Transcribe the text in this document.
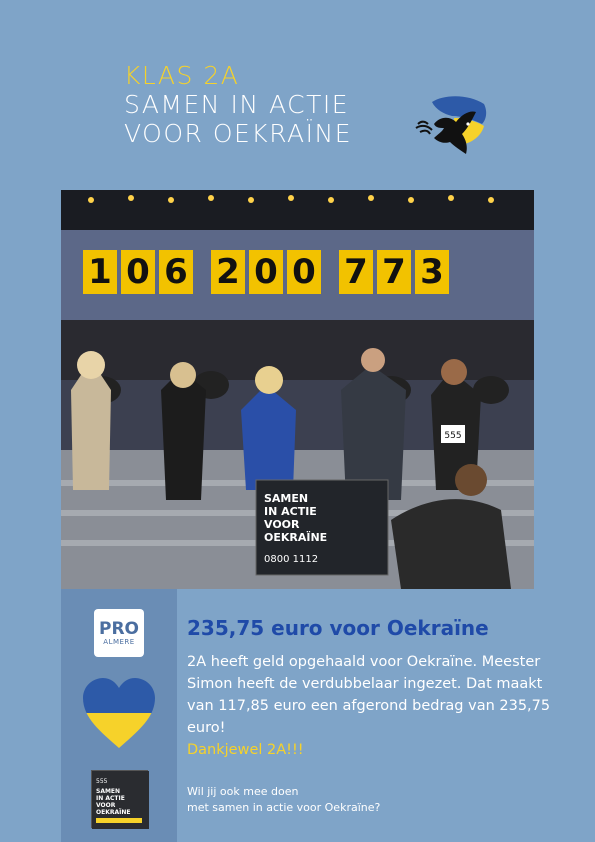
KLAS 2A
SAMEN IN ACTIE
VOOR OEKRAÏNE
555
SAMEN
IN ACTIE
VOOR
OEKRAÏNE
0800 1112
1 0 6 2 0 0 7 7 3
PRO
ALMERE
555
SAMEN
IN ACTIE
VOOR
OEKRAÏNE
235,75 euro voor Oekraïne
2A heeft geld opgehaald voor Oekraïne. Meester Simon heeft de verdubbelaar ingezet. Dat maakt van 117,85 euro een afgerond bedrag van 235,75 euro!
Dankjewel 2A!!!
Wil jij ook mee doen
met samen in actie voor Oekraïne?
